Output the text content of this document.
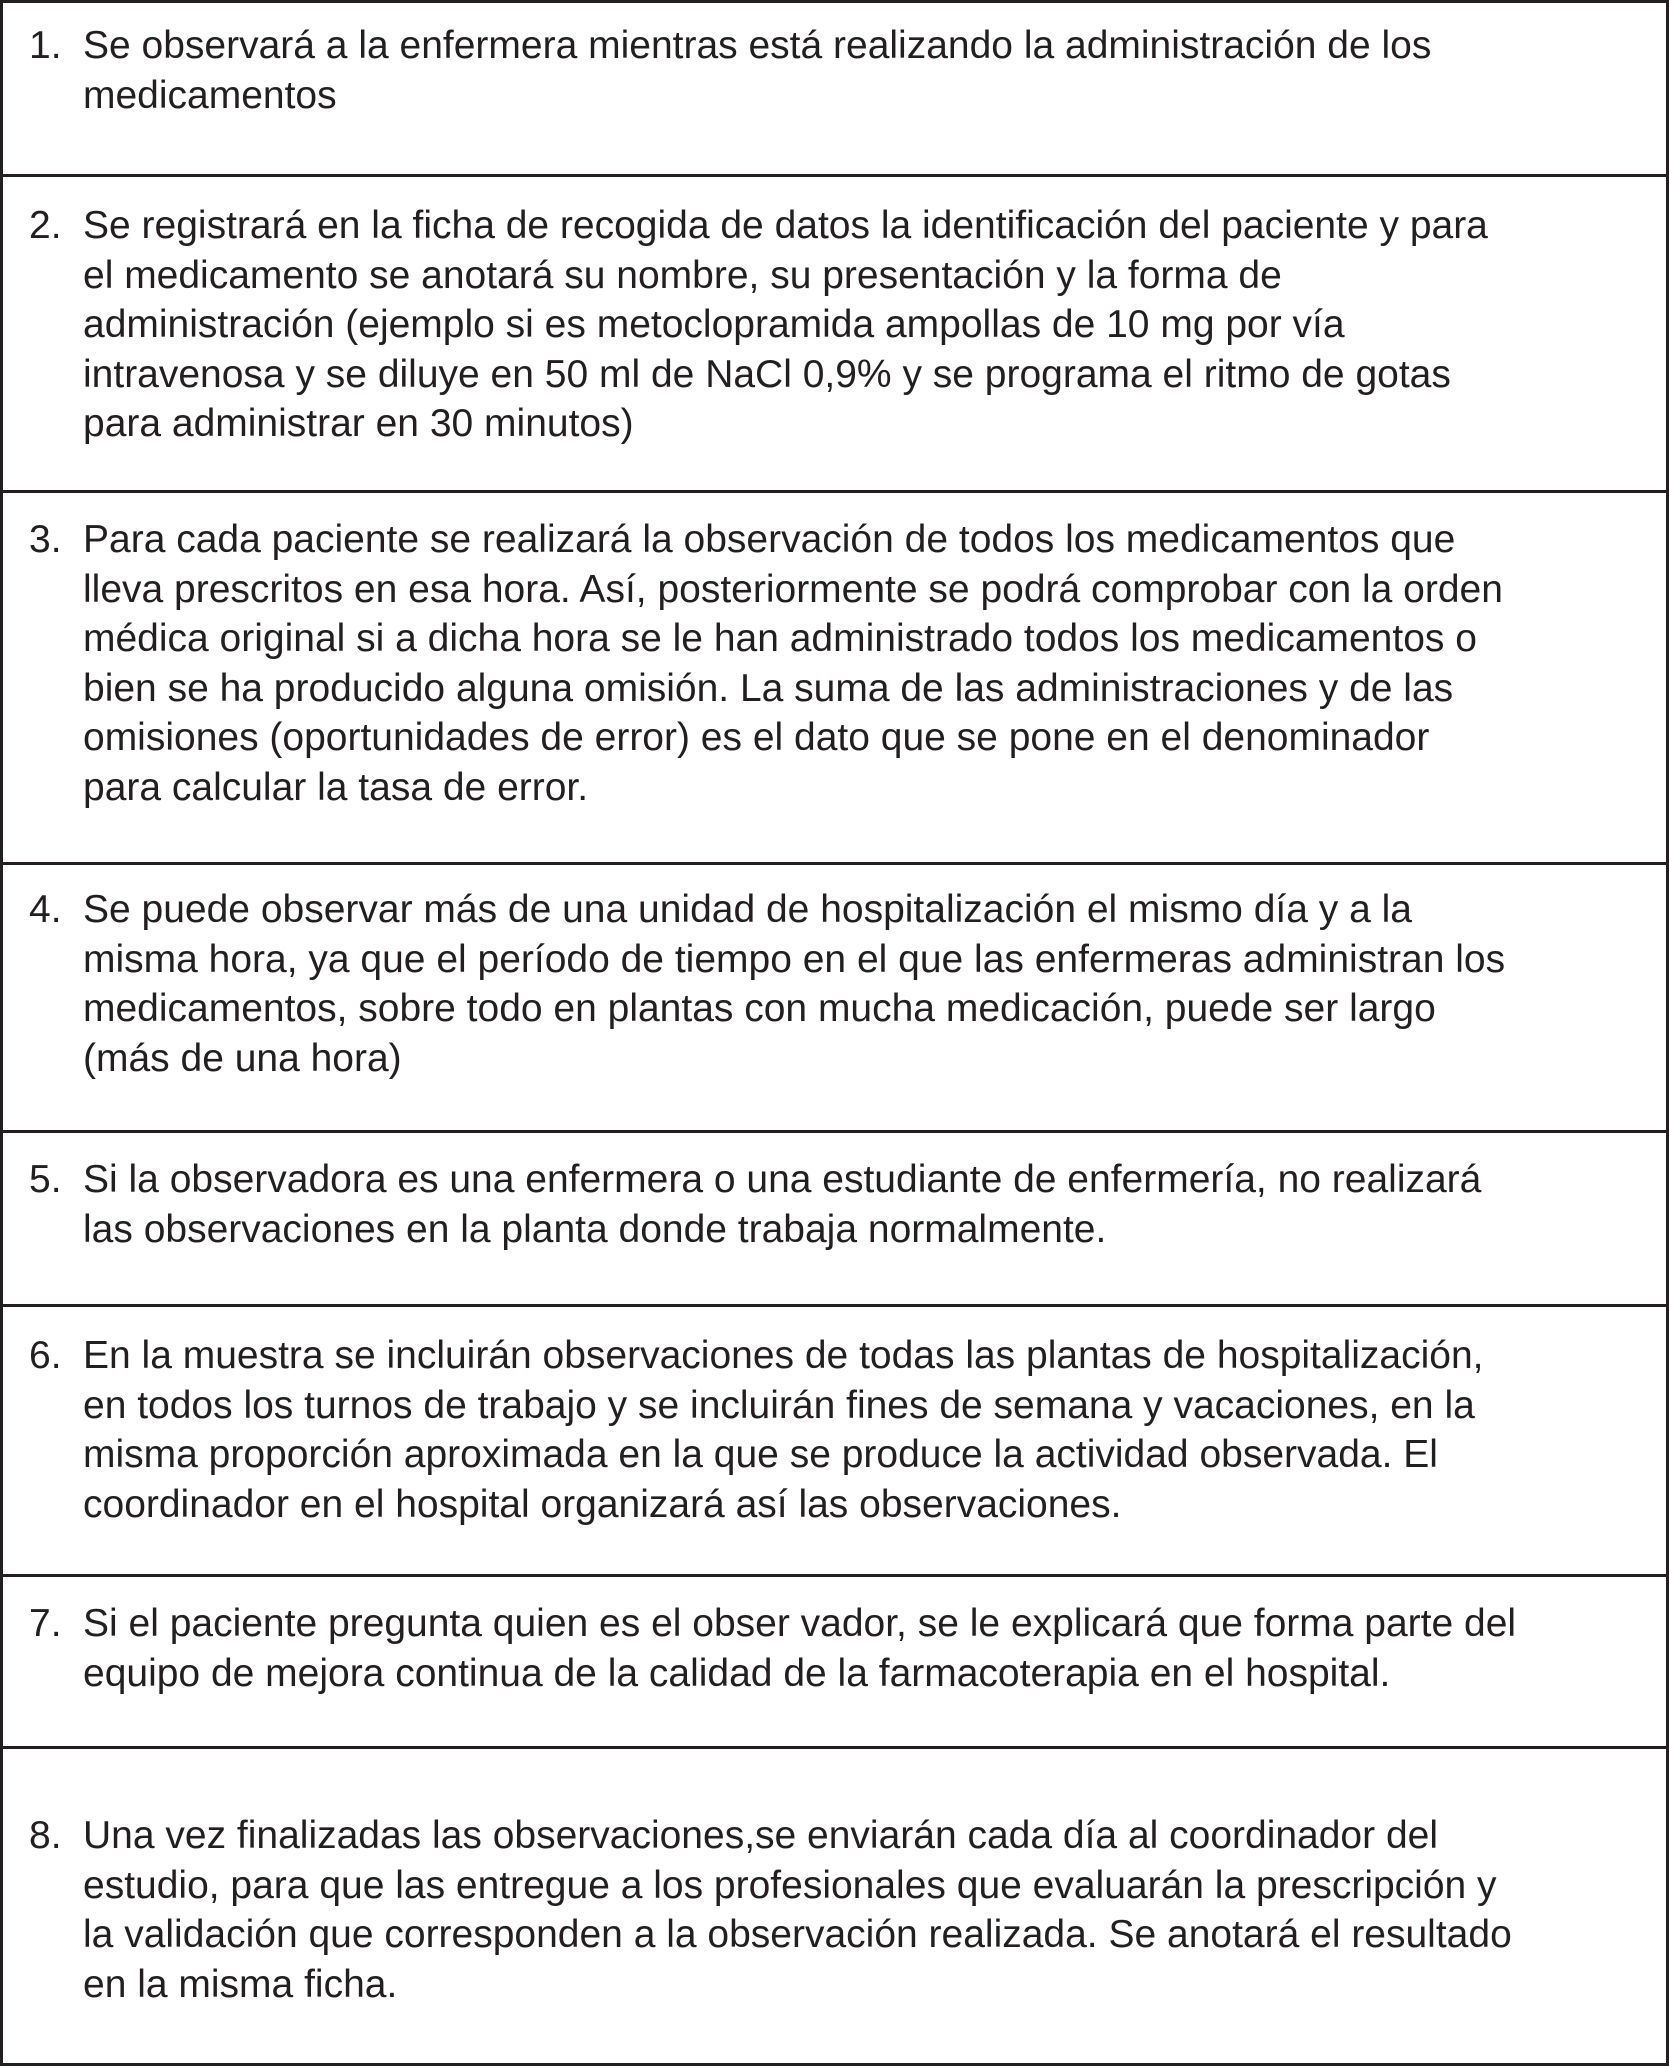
1. Se observará a la enfermera mientras está realizando la administración de los
medicamentos
2. Se registrará en la ficha de recogida de datos la identificación del paciente y para
el medicamento se anotará su nombre, su presentación y la forma de
administración (ejemplo si es metoclopramida ampollas de 10 mg por vía
intravenosa y se diluye en 50 ml de NaCl 0,9% y se programa el ritmo de gotas
para administrar en 30 minutos)
3. Para cada paciente se realizará la observación de todos los medicamentos que
lleva prescritos en esa hora. Así, posteriormente se podrá comprobar con la orden
médica original si a dicha hora se le han administrado todos los medicamentos o
bien se ha producido alguna omisión. La suma de las administraciones y de las
omisiones (oportunidades de error) es el dato que se pone en el denominador
para calcular la tasa de error.
4. Se puede observar más de una unidad de hospitalización el mismo día y a la
misma hora, ya que el período de tiempo en el que las enfermeras administran los
medicamentos, sobre todo en plantas con mucha medicación, puede ser largo
(más de una hora)
5. Si la observadora es una enfermera o una estudiante de enfermería, no realizará
las observaciones en la planta donde trabaja normalmente.
6. En la muestra se incluirán observaciones de todas las plantas de hospitalización,
en todos los turnos de trabajo y se incluirán fines de semana y vacaciones, en la
misma proporción aproximada en la que se produce la actividad observada. El
coordinador en el hospital organizará así las observaciones.
7. Si el paciente pregunta quien es el obser vador, se le explicará que forma parte del
equipo de mejora continua de la calidad de la farmacoterapia en el hospital.
8. Una vez finalizadas las observaciones,se enviarán cada día al coordinador del
estudio, para que las entregue a los profesionales que evaluarán la prescripción y
la validación que corresponden a la observación realizada. Se anotará el resultado
en la misma ficha.
